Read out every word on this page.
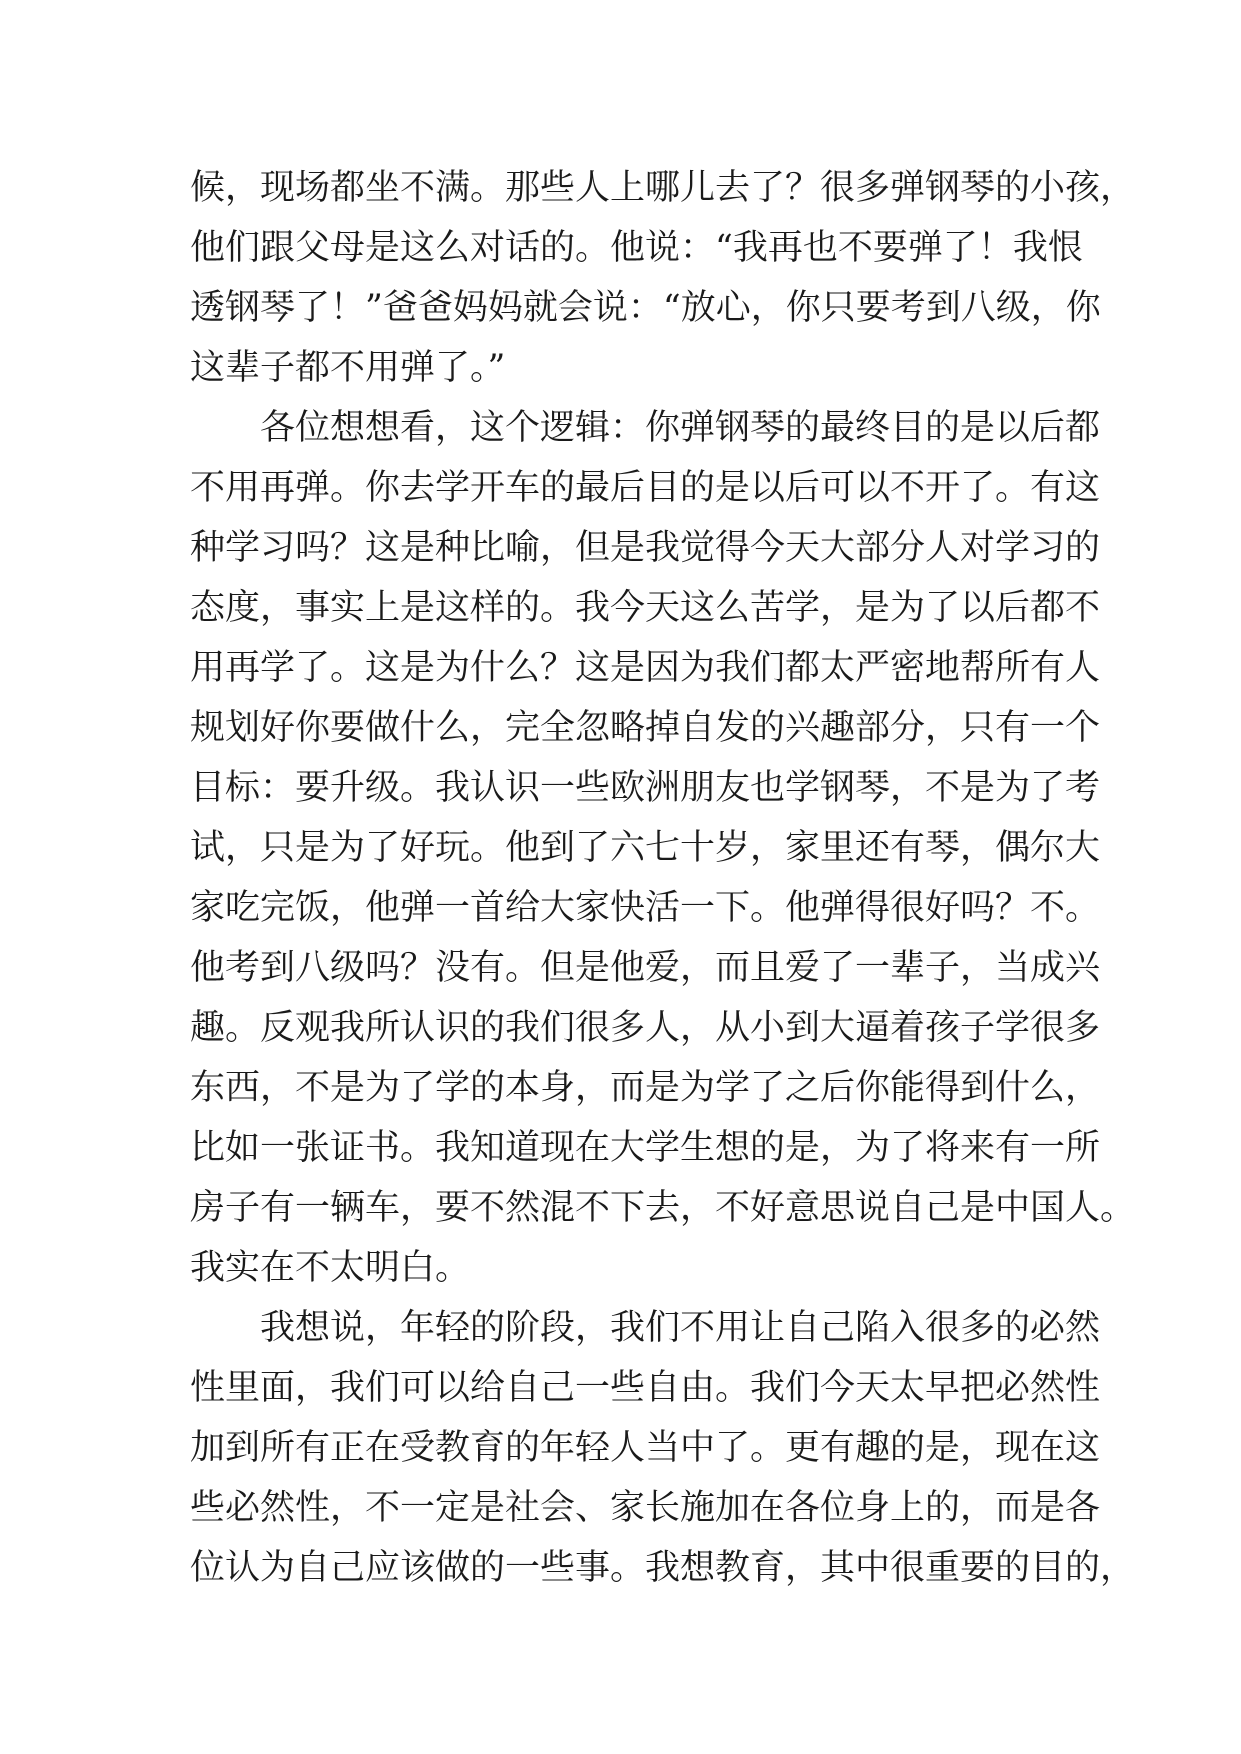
候，现场都坐不满。那些人上哪儿去了？很多弹钢琴的小孩，
他们跟父母是这么对话的。他说：“我再也不要弹了！我恨
透钢琴了！”爸爸妈妈就会说：“放心，你只要考到八级，你
这辈子都不用弹了。”
各位想想看，这个逻辑：你弹钢琴的最终目的是以后都
不用再弹。你去学开车的最后目的是以后可以不开了。有这
种学习吗？这是种比喻，但是我觉得今天大部分人对学习的
态度，事实上是这样的。我今天这么苦学，是为了以后都不
用再学了。这是为什么？这是因为我们都太严密地帮所有人
规划好你要做什么，完全忽略掉自发的兴趣部分，只有一个
目标：要升级。我认识一些欧洲朋友也学钢琴，不是为了考
试，只是为了好玩。他到了六七十岁，家里还有琴，偶尔大
家吃完饭，他弹一首给大家快活一下。他弹得很好吗？不。
他考到八级吗？没有。但是他爱，而且爱了一辈子，当成兴
趣。反观我所认识的我们很多人，从小到大逼着孩子学很多
东西，不是为了学的本身，而是为学了之后你能得到什么，
比如一张证书。我知道现在大学生想的是，为了将来有一所
房子有一辆车，要不然混不下去，不好意思说自己是中国人。
我实在不太明白。
我想说，年轻的阶段，我们不用让自己陷入很多的必然
性里面，我们可以给自己一些自由。我们今天太早把必然性
加到所有正在受教育的年轻人当中了。更有趣的是，现在这
些必然性，不一定是社会、家长施加在各位身上的，而是各
位认为自己应该做的一些事。我想教育，其中很重要的目的，
